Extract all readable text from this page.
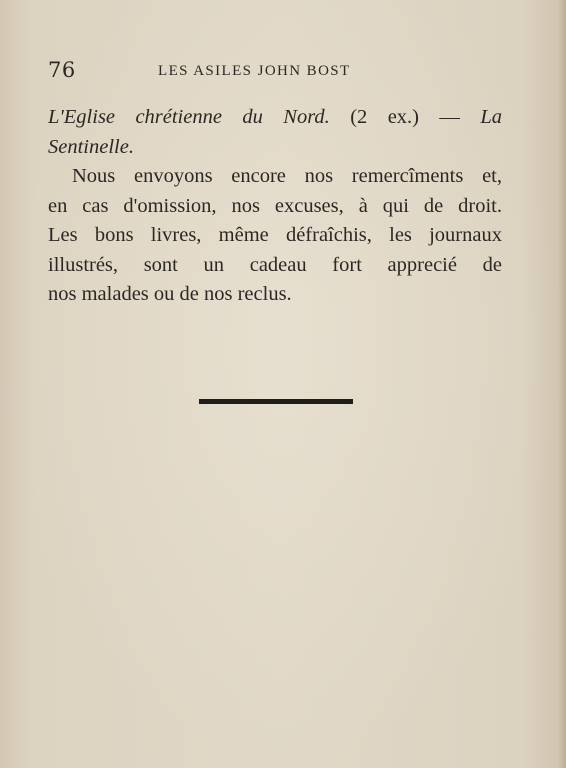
76	LES ASILES JOHN BOST
L'Eglise chrétienne du Nord. (2 ex.) — La
Sentinelle.
Nous envoyons encore nos remercîments et,
en cas d'omission, nos excuses, à qui de droit.
Les bons livres, même défraîchis, les journaux
illustrés, sont un cadeau fort apprecié de
nos malades ou de nos reclus.
